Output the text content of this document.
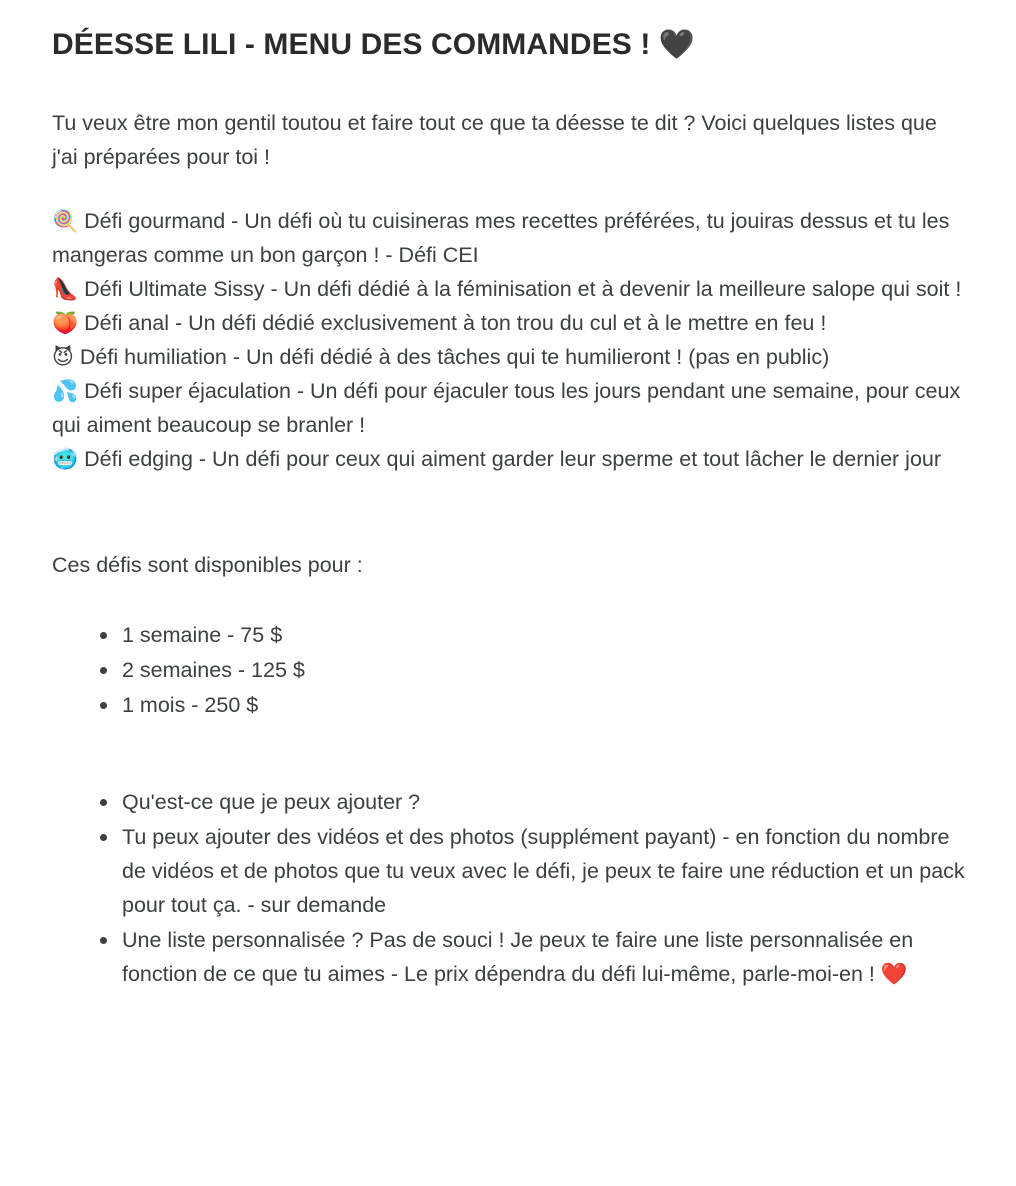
DÉESSE LILI - MENU DES COMMANDES ! 🖤

Tu veux être mon gentil toutou et faire tout ce que ta déesse te dit ? Voici quelques listes que j'ai préparées pour toi !

🍭 Défi gourmand - Un défi où tu cuisineras mes recettes préférées, tu jouiras dessus et tu les mangeras comme un bon garçon ! - Défi CEI

👠 Défi Ultimate Sissy - Un défi dédié à la féminisation et à devenir la meilleure salope qui soit !

🍑 Défi anal - Un défi dédié exclusivement à ton trou du cul et à le mettre en feu !

😈 Défi humiliation - Un défi dédié à des tâches qui te humilieront ! (pas en public)

💦 Défi super éjaculation - Un défi pour éjaculer tous les jours pendant une semaine, pour ceux qui aiment beaucoup se branler !

🥶 Défi edging - Un défi pour ceux qui aiment garder leur sperme et tout lâcher le dernier jour

Ces défis sont disponibles pour :

1 semaine - 75 $
2 semaines - 125 $
1 mois - 250 $
Qu'est-ce que je peux ajouter ?
Tu peux ajouter des vidéos et des photos (supplément payant) - en fonction du nombre de vidéos et de photos que tu veux avec le défi, je peux te faire une réduction et un pack pour tout ça. - sur demande
Une liste personnalisée ? Pas de souci ! Je peux te faire une liste personnalisée en fonction de ce que tu aimes - Le prix dépendra du défi lui-même, parle-moi-en ! ❤️
